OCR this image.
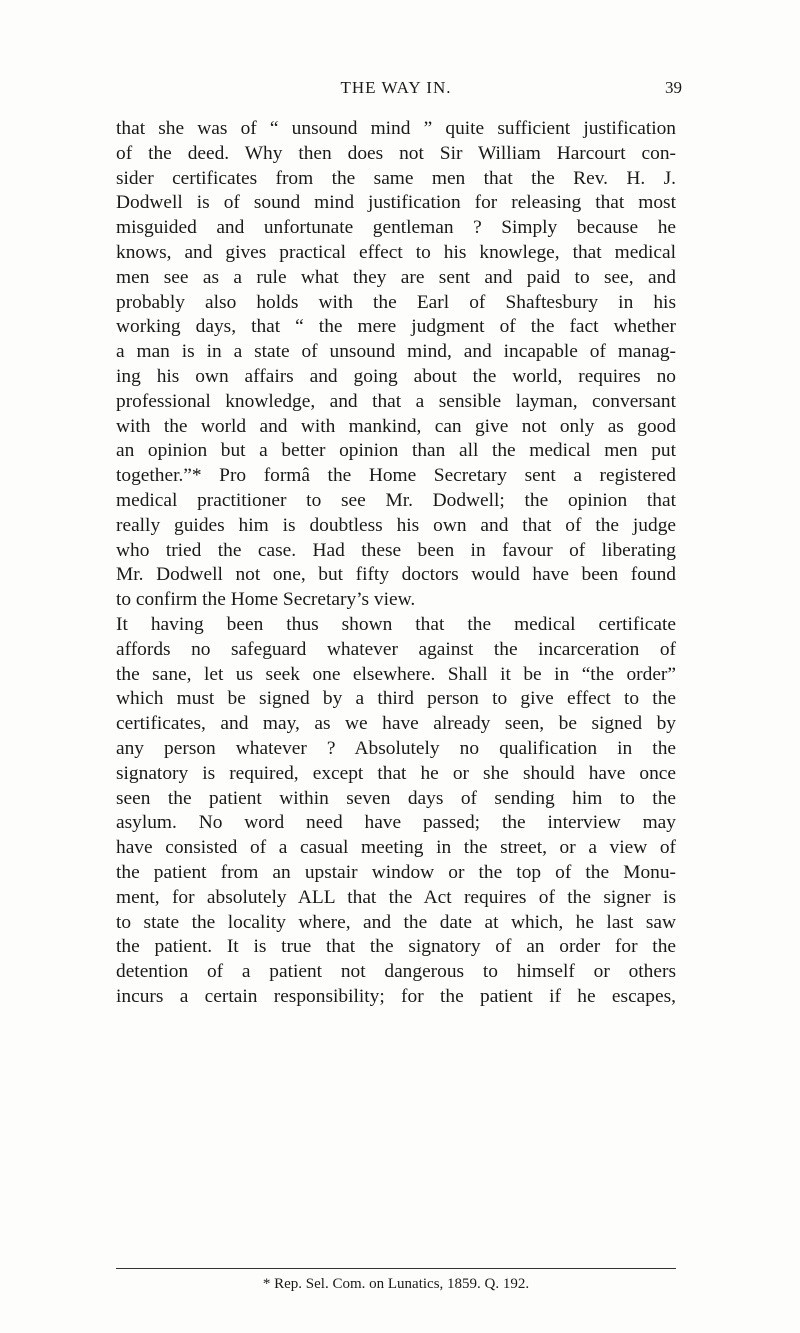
THE WAY IN.	39
that she was of “ unsound mind ” quite sufficient justification
of the deed. Why then does not Sir William Harcourt con-
sider certificates from the same men that the Rev. H. J.
Dodwell is of sound mind justification for releasing that most
misguided and unfortunate gentleman ? Simply because he
knows, and gives practical effect to his knowlege, that medical
men see as a rule what they are sent and paid to see, and
probably also holds with the Earl of Shaftesbury in his
working days, that “ the mere judgment of the fact whether
a man is in a state of unsound mind, and incapable of manag-
ing his own affairs and going about the world, requires no
professional knowledge, and that a sensible layman, conversant
with the world and with mankind, can give not only as good
an opinion but a better opinion than all the medical men put
together.”* Pro formâ the Home Secretary sent a registered
medical practitioner to see Mr. Dodwell; the opinion that
really guides him is doubtless his own and that of the judge
who tried the case. Had these been in favour of liberating
Mr. Dodwell not one, but fifty doctors would have been found
to confirm the Home Secretary’s view.
It having been thus shown that the medical certificate
affords no safeguard whatever against the incarceration of
the sane, let us seek one elsewhere. Shall it be in “the order”
which must be signed by a third person to give effect to the
certificates, and may, as we have already seen, be signed by
any person whatever ? Absolutely no qualification in the
signatory is required, except that he or she should have once
seen the patient within seven days of sending him to the
asylum. No word need have passed; the interview may
have consisted of a casual meeting in the street, or a view of
the patient from an upstair window or the top of the Monu-
ment, for absolutely ALL that the Act requires of the signer is
to state the locality where, and the date at which, he last saw
the patient. It is true that the signatory of an order for the
detention of a patient not dangerous to himself or others
incurs a certain responsibility; for the patient if he escapes,
* Rep. Sel. Com. on Lunatics, 1859. Q. 192.
